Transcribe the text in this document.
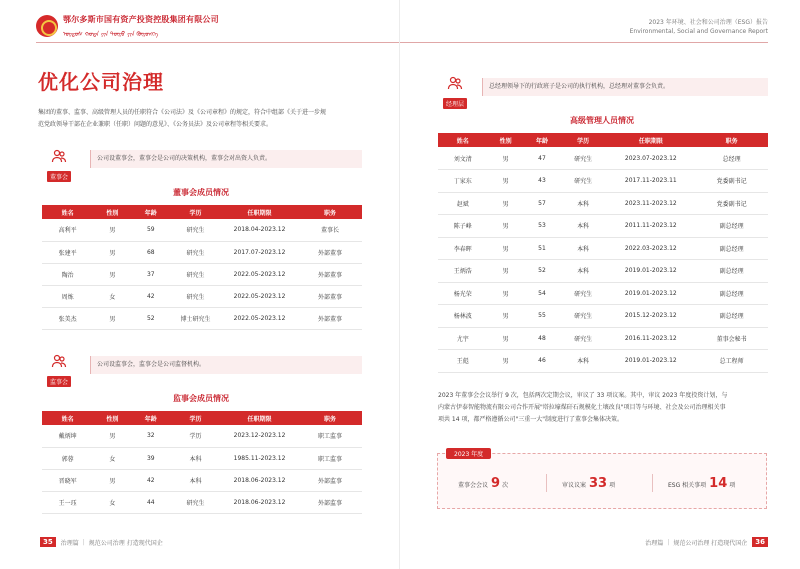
鄂尔多斯市国有资产投资控股集团有限公司
ᠣᠷᠳᠣᠰ ᠬᠣᠲᠠ ᠶᠢᠨ ᠲᠥᠷᠥ ᠶᠢᠨ ᠬᠥᠷᠥᠩᠭᠡ
优化公司治理
集团的董事、监事、高级管理人员的任职符合《公司法》及《公司章程》的规定，符合中组部《关于进一步规
范党政领导干部在企业兼职（任职）问题的意见》、《公务员法》及公司章程等相关要求。
董事会
公司设董事会，董事会是公司的决策机构，董事会对出资人负责。
董事会成员情况
姓名	性别	年龄	学历	任职期限	职务
高利平	男	59	研究生	2018.04-2023.12	董事长
张建平	男	68	研究生	2017.07-2023.12	外部董事
陶治	男	37	研究生	2022.05-2023.12	外部董事
周炼	女	42	研究生	2022.05-2023.12	外部董事
张美杰	男	52	博士研究生	2022.05-2023.12	外部董事
监事会
公司设监事会，监事会是公司监督机构。
监事会成员情况
姓名	性别	年龄	学历	任职期限	职务
戴炳坤	男	32	学历	2023.12-2023.12	职工监事
郭蓉	女	39	本科	1985.11-2023.12	职工监事
晋晓军	男	42	本科	2018.06-2023.12	外部监事
王一珏	女	44	研究生	2018.06-2023.12	外部监事
35	治理篇 | 规范公司治理 打造现代国企
2023 年环境、社会和公司治理（ESG）报告
Environmental, Social and Governance Report
经理层
总经理领导下的行政班子是公司的执行机构，总经理对董事会负责。
高级管理人员情况
姓名	性别	年龄	学历	任职期限	职务
刘文清	男	47	研究生	2023.07-2023.12	总经理
丁家东	男	43	研究生	2017.11-2023.11	党委副书记
赵斌	男	57	本科	2023.11-2023.12	党委副书记
陈子峰	男	53	本科	2011.11-2023.12	副总经理
李春晖	男	51	本科	2022.03-2023.12	副总经理
王炳浩	男	52	本科	2019.01-2023.12	副总经理
杨光荣	男	54	研究生	2019.01-2023.12	副总经理
杨林波	男	55	研究生	2015.12-2023.12	副总经理
尤宇	男	48	研究生	2016.11-2023.12	董事会秘书
王彪	男	46	本科	2019.01-2023.12	总工程师
2023 年董事会会议举行 9 次，包括两次定期会议，审议了 33 项议案。其中，审议 2023 年度投资计划，与
内蒙古伊泰智能物流有限公司合作开展"塔拉壕煤矸石规模化土壤改良"项目等与环境、社会及公司治理相关事
项共 14 项，都严格遵循公司"三重一大"制度进行了董事会集体决策。
治理篇 | 规范公司治理 打造现代国企	36
2023 年度
董事会会议 9 次	审议议案 33 项	ESG 相关事项 14 项
